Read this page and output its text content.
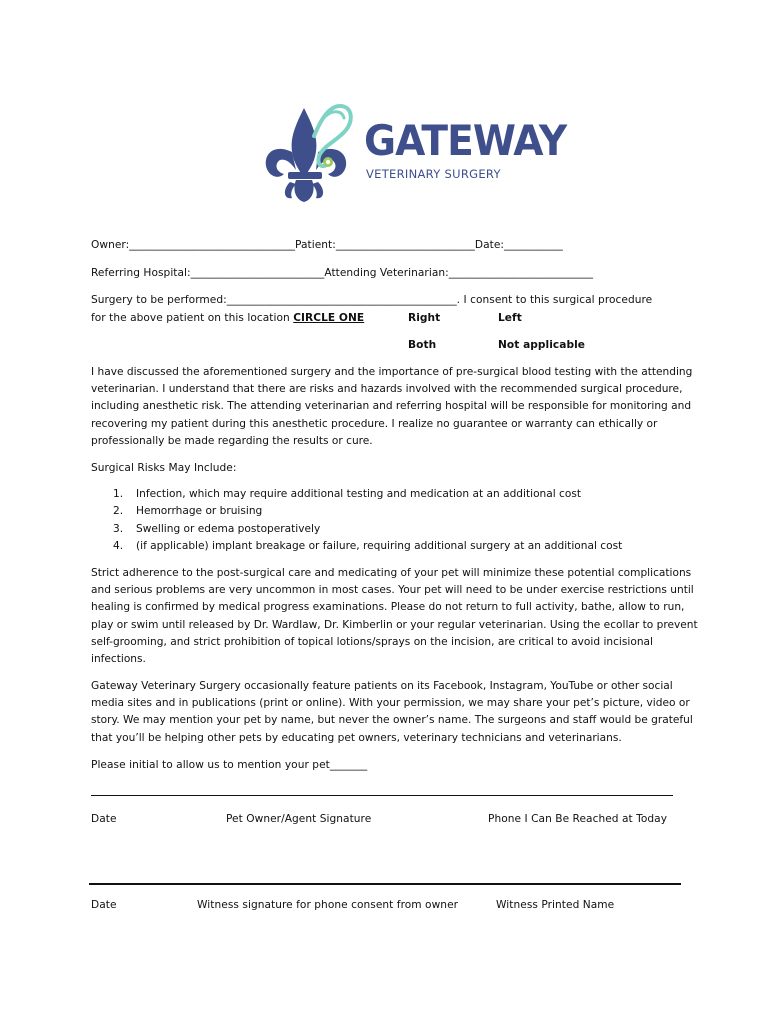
GATEWAY
VETERINARY SURGERY
Owner:_______________________________Patient:__________________________Date:___________
Referring Hospital:_________________________Attending Veterinarian:___________________________
Surgery to be performed:___________________________________________. I consent to this surgical procedure
for the above patient on this location CIRCLE ONE	Right	Left
Both	Not applicable
I have discussed the aforementioned surgery and the importance of pre-surgical blood testing with the attending
veterinarian. I understand that there are risks and hazards involved with the recommended surgical procedure,
including anesthetic risk. The attending veterinarian and referring hospital will be responsible for monitoring and
recovering my patient during this anesthetic procedure. I realize no guarantee or warranty can ethically or
professionally be made regarding the results or cure.
Surgical Risks May Include:
1. Infection, which may require additional testing and medication at an additional cost
2. Hemorrhage or bruising
3. Swelling or edema postoperatively
4. (if applicable) implant breakage or failure, requiring additional surgery at an additional cost
Strict adherence to the post-surgical care and medicating of your pet will minimize these potential complications
and serious problems are very uncommon in most cases. Your pet will need to be under exercise restrictions until
healing is confirmed by medical progress examinations. Please do not return to full activity, bathe, allow to run,
play or swim until released by Dr. Wardlaw, Dr. Kimberlin or your regular veterinarian. Using the ecollar to prevent
self-grooming, and strict prohibition of topical lotions/sprays on the incision, are critical to avoid incisional
infections.
Gateway Veterinary Surgery occasionally feature patients on its Facebook, Instagram, YouTube or other social
media sites and in publications (print or online). With your permission, we may share your pet’s picture, video or
story. We may mention your pet by name, but never the owner’s name. The surgeons and staff would be grateful
that you’ll be helping other pets by educating pet owners, veterinary technicians and veterinarians.
Please initial to allow us to mention your pet_______
Date	Pet Owner/Agent Signature	Phone I Can Be Reached at Today
Date	Witness signature for phone consent from owner	Witness Printed Name
